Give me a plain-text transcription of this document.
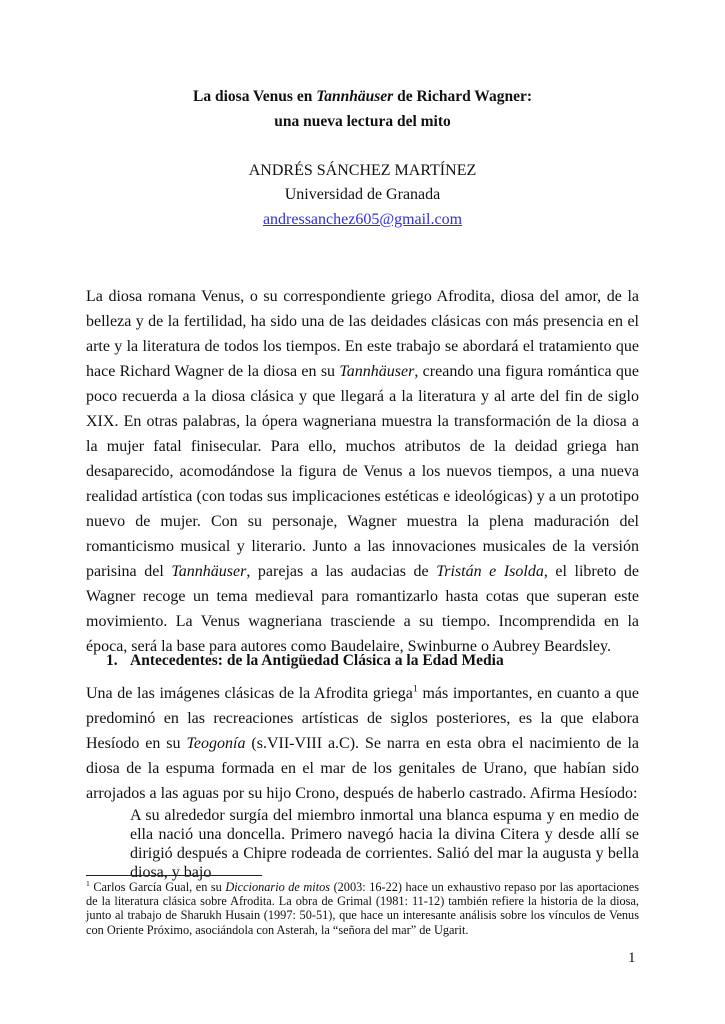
La diosa Venus en Tannhäuser de Richard Wagner:
una nueva lectura del mito
ANDRÉS SÁNCHEZ MARTÍNEZ
Universidad de Granada
andressanchez605@gmail.com

La diosa romana Venus, o su correspondiente griego Afrodita, diosa del amor, de la belleza y de la fertilidad, ha sido una de las deidades clásicas con más presencia en el arte y la literatura de todos los tiempos. En este trabajo se abordará el tratamiento que hace Richard Wagner de la diosa en su Tannhäuser, creando una figura romántica que poco recuerda a la diosa clásica y que llegará a la literatura y al arte del fin de siglo XIX. En otras palabras, la ópera wagneriana muestra la transformación de la diosa a la mujer fatal finisecular. Para ello, muchos atributos de la deidad griega han desaparecido, acomodándose la figura de Venus a los nuevos tiempos, a una nueva realidad artística (con todas sus implicaciones estéticas e ideológicas) y a un prototipo nuevo de mujer. Con su personaje, Wagner muestra la plena maduración del romanticismo musical y literario. Junto a las innovaciones musicales de la versión parisina del Tannhäuser, parejas a las audacias de Tristán e Isolda, el libreto de Wagner recoge un tema medieval para romantizarlo hasta cotas que superan este movimiento. La Venus wagneriana trasciende a su tiempo. Incomprendida en la época, será la base para autores como Baudelaire, Swinburne o Aubrey Beardsley.

1. Antecedentes: de la Antigüedad Clásica a la Edad Media

Una de las imágenes clásicas de la Afrodita griega$^1$ más importantes, en cuanto a que predominó en las recreaciones artísticas de siglos posteriores, es la que elabora Hesíodo en su Teogonía (s.VII-VIII a.C). Se narra en esta obra el nacimiento de la diosa de la espuma formada en el mar de los genitales de Urano, que habían sido arrojados a las aguas por su hijo Crono, después de haberlo castrado. Afirma Hesíodo:

A su alrededor surgía del miembro inmortal una blanca espuma y en medio de ella nació una doncella. Primero navegó hacia la divina Citera y desde allí se dirigió después a Chipre rodeada de corrientes. Salió del mar la augusta y bella diosa, y bajo
$^1$ Carlos García Gual, en su Diccionario de mitos (2003: 16-22) hace un exhaustivo repaso por las aportaciones de la literatura clásica sobre Afrodita. La obra de Grimal (1981: 11-12) también refiere la historia de la diosa, junto al trabajo de Sharukh Husain (1997: 50-51), que hace un interesante análisis sobre los vínculos de Venus con Oriente Próximo, asociándola con Asterah, la “señora del mar” de Ugarit.
1
